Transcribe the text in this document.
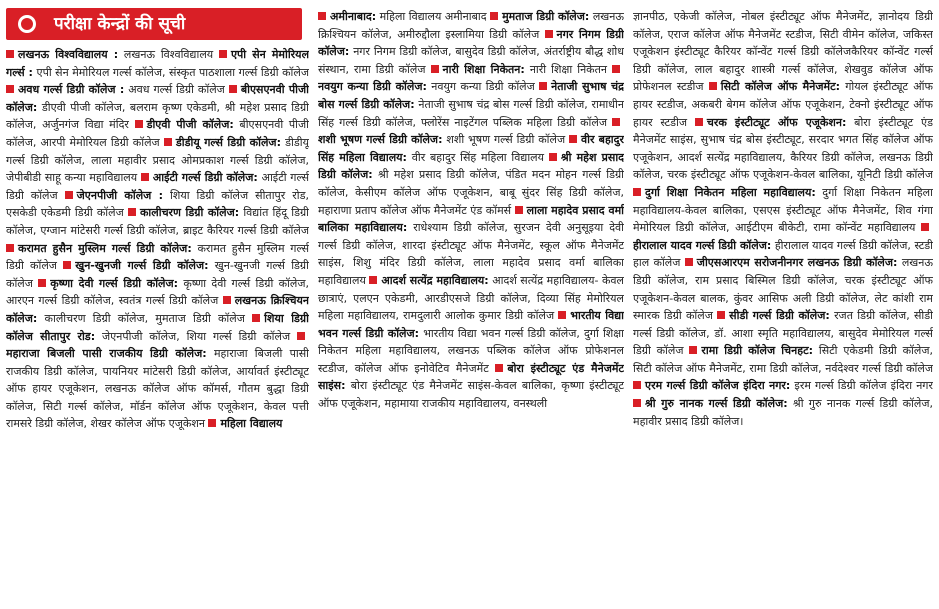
परीक्षा केन्द्रों की सूची
लखनऊ विश्वविद्यालय : लखनऊ विश्वविद्यालय एपी सेन मेमोरियल गर्ल्स : एपी सेन मेमोरियल गर्ल्स कॉलेज, संस्कृत पाठशाला गर्ल्स डिग्री कॉलेज अवध गर्ल्स डिग्री कॉलेज : अवध गर्ल्स डिग्री कॉलेज बीएसएनवी पीजी कॉलेज: डीएवी पीजी कॉलेज, बलराम कृष्ण एकेडमी, श्री महेश प्रसाद डिग्री कॉलेज, अर्जुनगंज विद्या मंदिर डीएवी पीजी कॉलेज: बीएसएनवी पीजी कॉलेज, आरपी मेमोरियल डिग्री कॉलेज डीडीयू गर्ल्स डिग्री कॉलेज: डीडीयू गर्ल्स डिग्री कॉलेज, लाला महावीर प्रसाद ओमप्रकाश गर्ल्स डिग्री कॉलेज, जेपीबीडी साहू कन्या महाविद्यालय आईटी गर्ल्स डिग्री कॉलेज: आईटी गर्ल्स डिग्री कॉलेज जेएनपीजी कॉलेज : शिया डिग्री कॉलेज सीतापुर रोड, एसकेडी एकेडमी डिग्री कॉलेज कालीचरण डिग्री कॉलेज: विद्यांत हिंदू डिग्री कॉलेज, एग्जान मांटेसरी गर्ल्स डिग्री कॉलेज, ब्राइट कैरियर गर्ल्स डिग्री कॉलेज करामत हुसैन मुस्लिम गर्ल्स डिग्री कॉलेज: करामत हुसैन मुस्लिम गर्ल्स डिग्री कॉलेज खुन-खुनजी गर्ल्स डिग्री कॉलेज: खुन-खुनजी गर्ल्स डिग्री कॉलेज कृष्णा देवी गर्ल्स डिग्री कॉलेज: कृष्णा देवी गर्ल्स डिग्री कॉलेज, आरएन गर्ल्स डिग्री कॉलेज, स्वतंत्र गर्ल्स डिग्री कॉलेज लखनऊ क्रिश्चियन कॉलेज: कालीचरण डिग्री कॉलेज, मुमताज डिग्री कॉलेज शिया डिग्री कॉलेज सीतापुर रोड: जेएनपीजी कॉलेज, शिया गर्ल्स डिग्री कॉलेज महाराजा बिजली पासी राजकीय डिग्री कॉलेज: महाराजा बिजली पासी राजकीय डिग्री कॉलेज, पायनियर मांटेसरी डिग्री कॉलेज, आर्यावर्त इंस्टीट्यूट ऑफ हायर एजूकेशन, लखनऊ कॉलेज ऑफ कॉमर्स, गौतम बुद्धा डिग्री कॉलेज, सिटी गर्ल्स कॉलेज, मॉर्डन कॉलेज ऑफ एजूकेशन, केवल पत्ती रामसरे डिग्री कॉलेज, शेखर कॉलेज ऑफ एजूकेशन महिला विद्यालय
अमीनाबाद: महिला विद्यालय अमीनाबाद मुमताज डिग्री कॉलेज: लखनऊ क्रिश्चियन कॉलेज, अमीरुद्दौला इस्लामिया डिग्री कॉलेज नगर निगम डिग्री कॉलेज: नगर निगम डिग्री कॉलेज, बासुदेव डिग्री कॉलेज, अंतर्राष्ट्रीय बौद्ध शोध संस्थान, रामा डिग्री कॉलेज नारी शिक्षा निकेतन: नारी शिक्षा निकेतन नवयुग कन्या डिग्री कॉलेज: नवयुग कन्या डिग्री कॉलेज नेताजी सुभाष चंद्र बोस गर्ल्स डिग्री कॉलेज: नेताजी सुभाष चंद्र बोस गर्ल्स डिग्री कॉलेज, रामाधीन सिंह गर्ल्स डिग्री कॉलेज, फ्लोरेंस नाइटेंगल पब्लिक महिला डिग्री कॉलेज शशी भूषण गर्ल्स डिग्री कॉलेज: शशी भूषण गर्ल्स डिग्री कॉलेज वीर बहादुर सिंह महिला विद्यालय: वीर बहादुर सिंह महिला विद्यालय श्री महेश प्रसाद डिग्री कॉलेज: श्री महेश प्रसाद डिग्री कॉलेज, पंडित मदन मोहन गर्ल्स डिग्री कॉलेज, केसीएम कॉलेज ऑफ एजूकेशन, बाबू सुंदर सिंह डिग्री कॉलेज, महाराणा प्रताप कॉलेज ऑफ मैनेजमेंट एंड कॉमर्स लाला महादेव प्रसाद वर्मा बालिका महाविद्यालय: राधेश्याम डिग्री कॉलेज, सुरजन देवी अनुसूइया देवी गर्ल्स डिग्री कॉलेज, शारदा इंस्टीट्यूट ऑफ मैनेजमेंट, स्कूल ऑफ मैनेजमेंट साइंस, शिशु मंदिर डिग्री कॉलेज, लाला महादेव प्रसाद वर्मा बालिका महाविद्यालय आदर्श सत्येंद्र महाविद्यालय: आदर्श सत्येंद्र महाविद्यालय- केवल छात्राएं, एलएन एकेडमी, आरडीएसजे डिग्री कॉलेज, दिव्या सिंह मेमोरियल महिला महाविद्यालय, रामदुलारी आलोक कुमार डिग्री कॉलेज भारतीय विद्या भवन गर्ल्स डिग्री कॉलेज: भारतीय विद्या भवन गर्ल्स डिग्री कॉलेज, दुर्गा शिक्षा निकेतन महिला महाविद्यालय, लखनऊ पब्लिक कॉलेज ऑफ प्रोफेशनल स्टडीज, कॉलेज ऑफ इनोवेटिव मैनेजमेंट बोरा इंस्टीट्यूट एंड मैनेजमेंट साइंस: बोरा इंस्टीट्यूट एंड मैनेजमेंट साइंस-केवल बालिका, कृष्णा इंस्टीट्यूट ऑफ एजूकेशन, महामाया राजकीय महाविद्यालय, वनस्थली
ज्ञानपीठ, एकेजी कॉलेज, नोबल इंस्टीट्यूट ऑफ मैनेजमेंट, ज्ञानोदय डिग्री कॉलेज, एराज कॉलेज ऑफ मैनेजमेंट स्टडीज, सिटी वीमेन कॉलेज, जकिस्त एजूकेशन इंस्टीट्यूट कैरियर कॉन्वेंट गर्ल्स डिग्री कॉलेजकैरियर कॉन्वेंट गर्ल्स डिग्री कॉलेज, लाल बहादुर शास्त्री गर्ल्स कॉलेज, शेखवुड कॉलेज ऑफ प्रोफेशनल स्टडीज सिटी कॉलेज ऑफ मैनेजमेंट: गोयल इंस्टीट्यूट ऑफ हायर स्टडीज, अकबरी बेगम कॉलेज ऑफ एजूकेशन, टेक्नो इंस्टीट्यूट ऑफ हायर स्टडीज चरक इंस्टीट्यूट ऑफ एजूकेशन: बोरा इंस्टीट्यूट एंड मैनेजमेंट साइंस, सुभाष चंद्र बोस इंस्टीट्यूट, सरदार भगत सिंह कॉलेज ऑफ एजूकेशन, आदर्श सत्येंद्र महाविद्यालय, कैरियर डिग्री कॉलेज, लखनऊ डिग्री कॉलेज, चरक इंस्टीट्यूट ऑफ एजूकेशन-केवल बालिका, यूनिटी डिग्री कॉलेज दुर्गा शिक्षा निकेतन महिला महाविद्यालय: दुर्गा शिक्षा निकेतन महिला महाविद्यालय-केवल बालिका, एसएस इंस्टीट्यूट ऑफ मैनेजमेंट, शिव गंगा मेमोरियल डिग्री कॉलेज, आईटीएम बीकेटी, रामा कॉन्वेंट महाविद्यालय हीरालाल यादव गर्ल्स डिग्री कॉलेज: हीरालाल यादव गर्ल्स डिग्री कॉलेज, स्टडी हाल कॉलेज जीएसआरएम सरोजनीनगर लखनऊ डिग्री कॉलेज: लखनऊ डिग्री कॉलेज, राम प्रसाद बिस्मिल डिग्री कॉलेज, चरक इंस्टीट्यूट ऑफ एजूकेशन-केवल बालक, कुंवर आसिफ अली डिग्री कॉलेज, लेट कांशी राम स्मारक डिग्री कॉलेज सीडी गर्ल्स डिग्री कॉलेज: रजत डिग्री कॉलेज, सीडी गर्ल्स डिग्री कॉलेज, डॉ. आशा स्मृति महाविद्यालय, बासुदेव मेमोरियल गर्ल्स डिग्री कॉलेज रामा डिग्री कॉलेज चिनहट: सिटी एकेडमी डिग्री कॉलेज, सिटी कॉलेज ऑफ मैनेजमेंट, रामा डिग्री कॉलेज, नर्वदेश्वर गर्ल्स डिग्री कॉलेज एरम गर्ल्स डिग्री कॉलेज इंदिरा नगर: इरम गर्ल्स डिग्री कॉलेज इंदिरा नगर श्री गुरु नानक गर्ल्स डिग्री कॉलेज: श्री गुरु नानक गर्ल्स डिग्री कॉलेज, महावीर प्रसाद डिग्री कॉलेज।
